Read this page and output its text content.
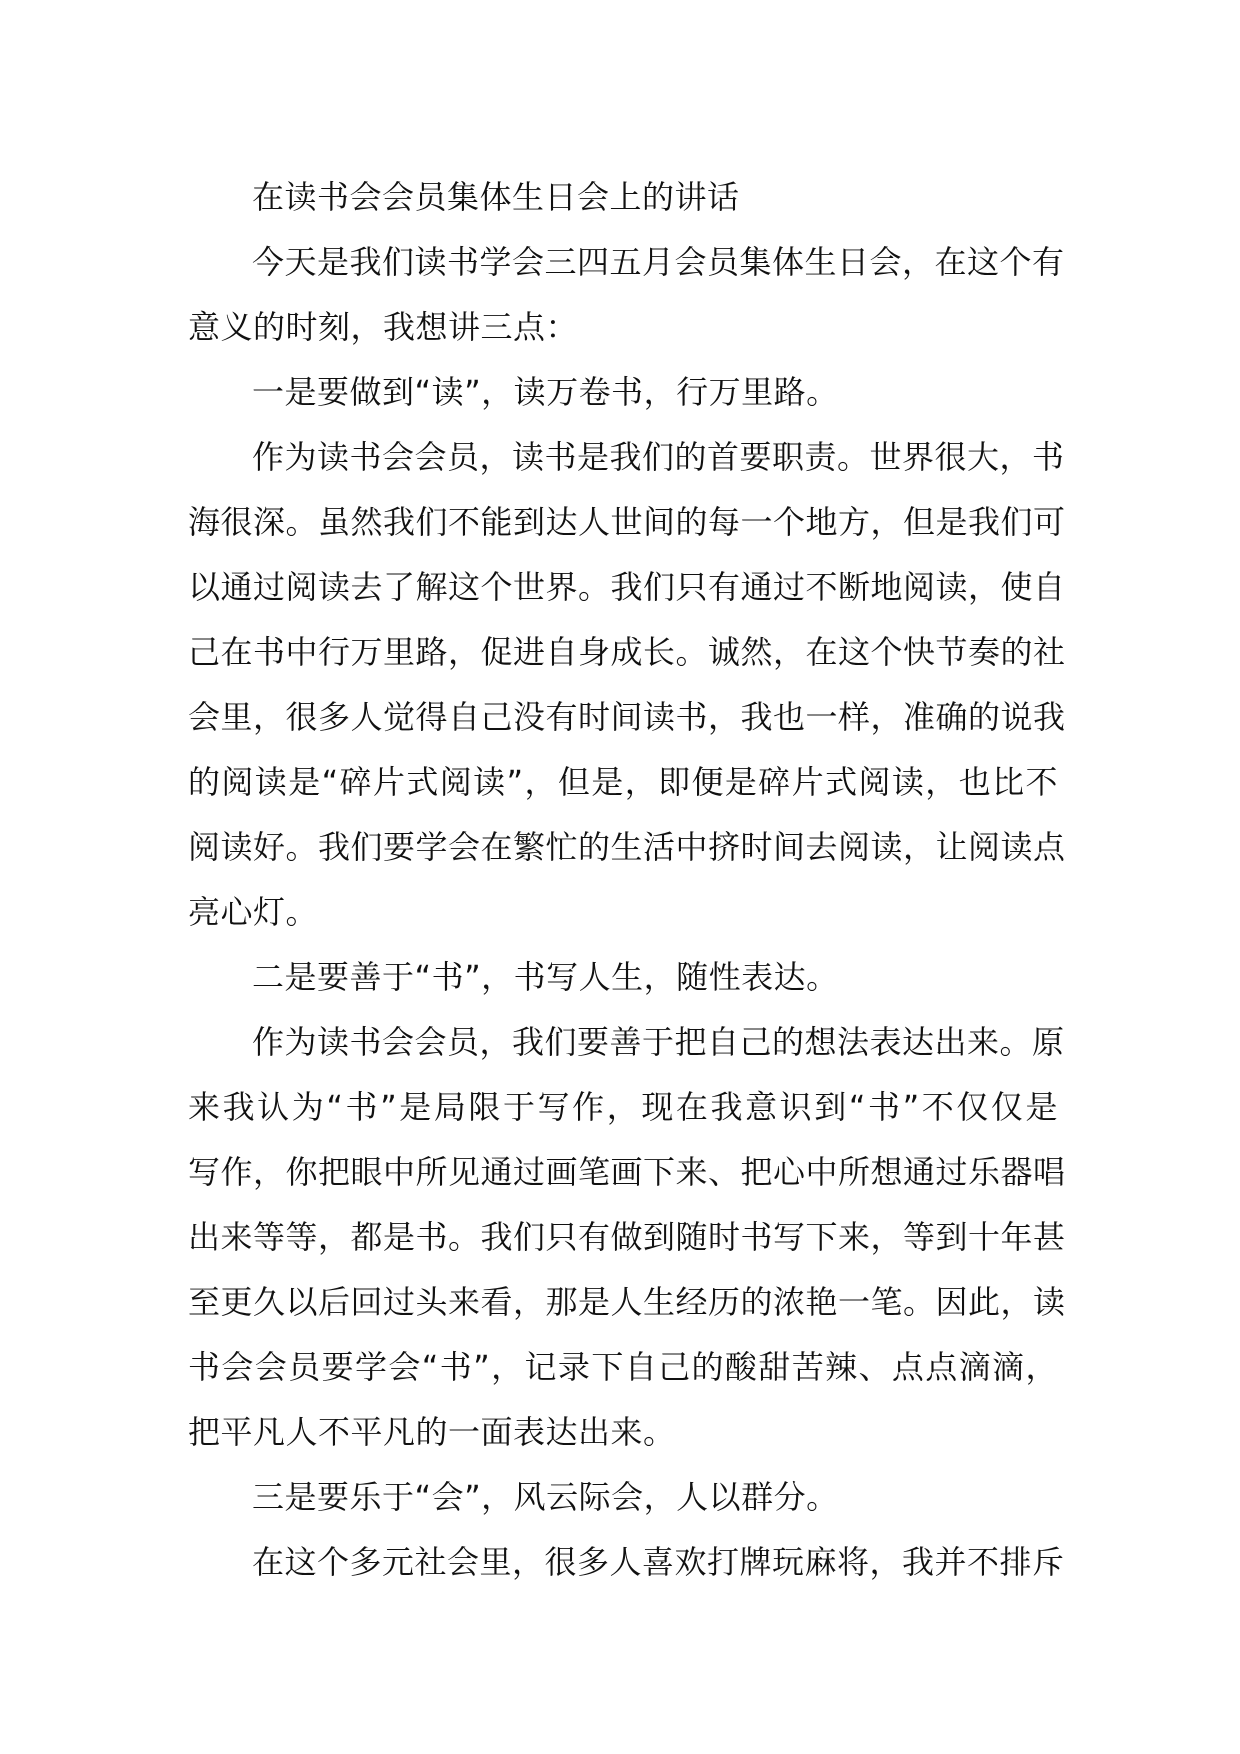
在读书会会员集体生日会上的讲话

今天是我们读书学会三四五月会员集体生日会，在这个有
意义的时刻，我想讲三点：

一是要做到“读”，读万卷书，行万里路。

作为读书会会员，读书是我们的首要职责。世界很大，书
海很深。虽然我们不能到达人世间的每一个地方，但是我们可
以通过阅读去了解这个世界。我们只有通过不断地阅读，使自
己在书中行万里路，促进自身成长。诚然，在这个快节奏的社
会里，很多人觉得自己没有时间读书，我也一样，准确的说我
的阅读是“碎片式阅读”，但是，即便是碎片式阅读，也比不
阅读好。我们要学会在繁忙的生活中挤时间去阅读，让阅读点
亮心灯。

二是要善于“书”，书写人生，随性表达。

作为读书会会员，我们要善于把自己的想法表达出来。原
来我认为“书”是局限于写作，现在我意识到“书”不仅仅是
写作，你把眼中所见通过画笔画下来、把心中所想通过乐器唱
出来等等，都是书。我们只有做到随时书写下来，等到十年甚
至更久以后回过头来看，那是人生经历的浓艳一笔。因此，读
书会会员要学会“书”，记录下自己的酸甜苦辣、点点滴滴，
把平凡人不平凡的一面表达出来。

三是要乐于“会”，风云际会，人以群分。

在这个多元社会里，很多人喜欢打牌玩麻将，我并不排斥
